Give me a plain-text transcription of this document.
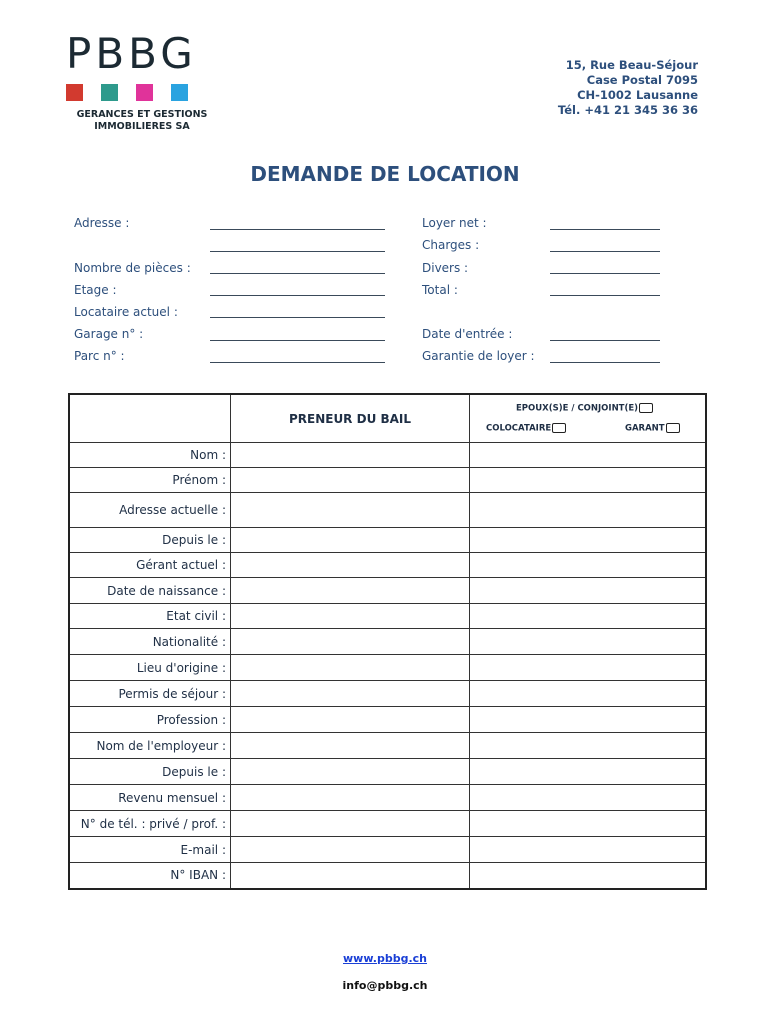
PBBG
GERANCES ET GESTIONS
IMMOBILIERES SA
15, Rue Beau-Séjour
Case Postal 7095
CH-1002 Lausanne
Tél. +41 21 345 36 36
DEMANDE DE LOCATION
Adresse :
Nombre de pièces :
Etage :
Locataire actuel :
Garage n° :
Parc n° :
Loyer net :
Charges :
Divers :
Total :
Date d'entrée :
Garantie de loyer :
	PRENEUR DU BAIL	EPOUX(S)E / CONJOINT(E)
COLOCATAIRE GARANT

Nom :		
Prénom :		
Adresse actuelle :		
Depuis le :		
Gérant actuel :		
Date de naissance :		
Etat civil :		
Nationalité :		
Lieu d'origine :		
Permis de séjour :		
Profession :		
Nom de l'employeur :		
Depuis le :		
Revenu mensuel :		
N° de tél. : privé / prof. :		
E-mail :		
N° IBAN :		
www.pbbg.ch
info@pbbg.ch
